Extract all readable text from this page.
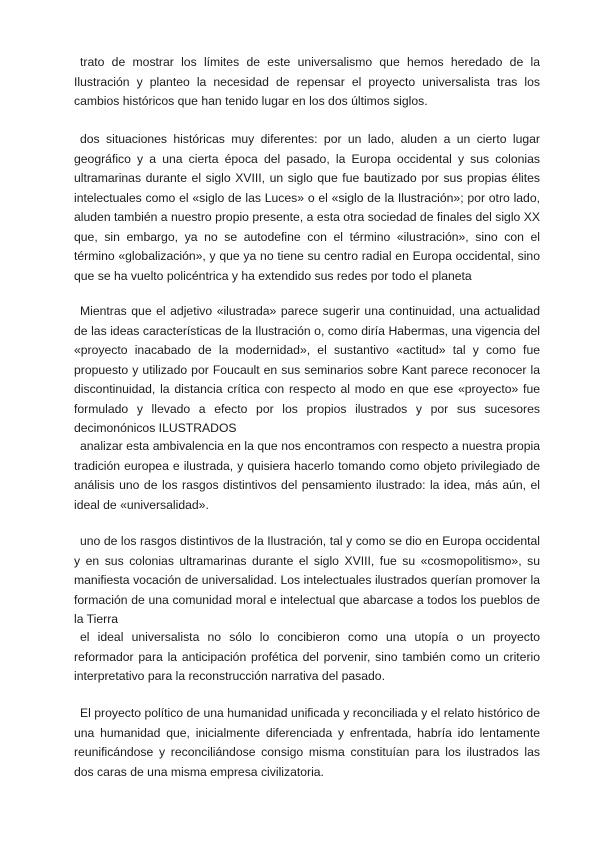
trato de mostrar los límites de este universalismo que hemos heredado de la Ilustración y planteo la necesidad de repensar el proyecto universalista tras los cambios históricos que han tenido lugar en los dos últimos siglos.

dos situaciones históricas muy diferentes: por un lado, aluden a un cierto lugar geográfico y a una cierta época del pasado, la Europa occidental y sus colonias ultramarinas durante el siglo XVIII, un siglo que fue bautizado por sus propias élites intelectuales como el «siglo de las Luces» o el «siglo de la Ilustración»; por otro lado, aluden también a nuestro propio presente, a esta otra sociedad de finales del siglo XX que, sin embargo, ya no se autodefine con el término «ilustración», sino con el término «globalización», y que ya no tiene su centro radial en Europa occidental, sino que se ha vuelto policéntrica y ha extendido sus redes por todo el planeta

Mientras que el adjetivo «ilustrada» parece sugerir una continuidad, una actualidad de las ideas características de la Ilustración o, como diría Habermas, una vigencia del «proyecto inacabado de la modernidad», el sustantivo «actitud» tal y como fue propuesto y utilizado por Foucault en sus seminarios sobre Kant parece reconocer la discontinuidad, la distancia crítica con respecto al modo en que ese «proyecto» fue formulado y llevado a efecto por los propios ilustrados y por sus sucesores decimonónicos ILUSTRADOS

analizar esta ambivalencia en la que nos encontramos con respecto a nuestra propia tradición europea e ilustrada, y quisiera hacerlo tomando como objeto privilegiado de análisis uno de los rasgos distintivos del pensamiento ilustrado: la idea, más aún, el ideal de «universalidad».

uno de los rasgos distintivos de la Ilustración, tal y como se dio en Europa occidental y en sus colonias ultramarinas durante el siglo XVIII, fue su «cosmopolitismo», su manifiesta vocación de universalidad. Los intelectuales ilustrados querían promover la formación de una comunidad moral e intelectual que abarcase a todos los pueblos de la Tierra

el ideal universalista no sólo lo concibieron como una utopía o un proyecto reformador para la anticipación profética del porvenir, sino también como un criterio interpretativo para la reconstrucción narrativa del pasado.

El proyecto político de una humanidad unificada y reconciliada y el relato histórico de una humanidad que, inicialmente diferenciada y enfrentada, habría ido lentamente reunificándose y reconciliándose consigo misma constituían para los ilustrados las dos caras de una misma empresa civilizatoria.
